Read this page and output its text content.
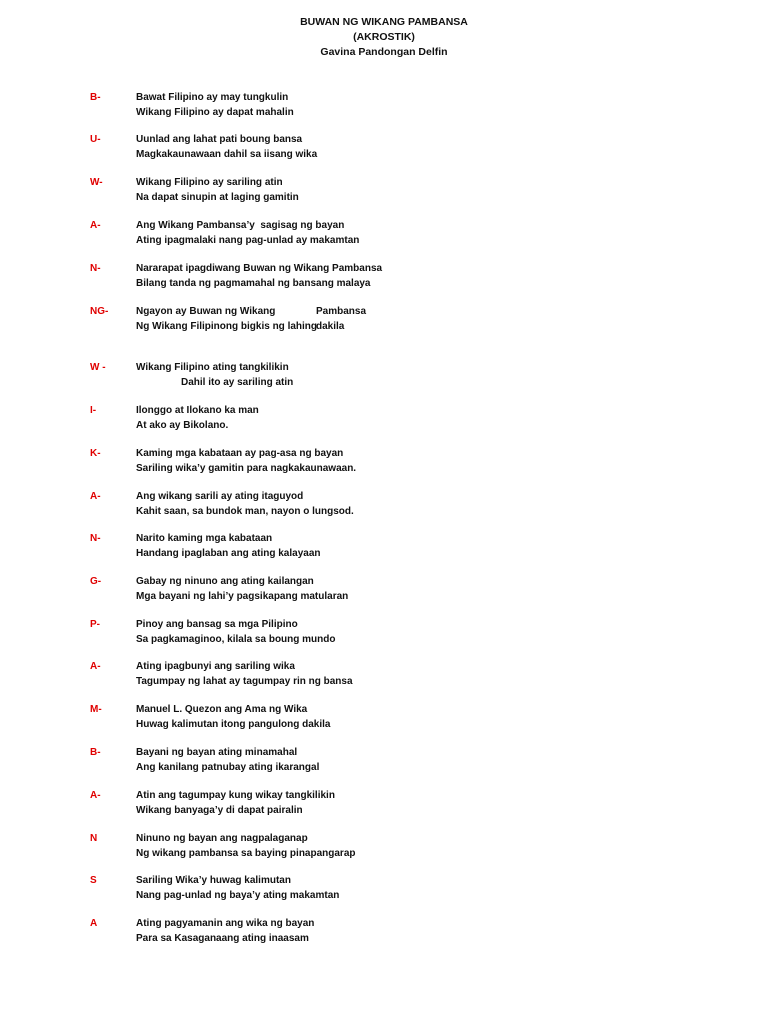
BUWAN NG WIKANG PAMBANSA
(AKROSTIK)
Gavina Pandongan Delfin
B-	Bawat Filipino ay may tungkulin
Wikang Filipino ay dapat mahalin
U-	Uunlad ang lahat pati boung bansa
Magkakaunawaan dahil sa iisang wika
W-	Wikang Filipino ay sariling atin
Na dapat sinupin at laging gamitin
A-	Ang Wikang Pambansa’y  sagisag ng bayan
Ating ipagmalaki nang pag-unlad ay makamtan
N-	Nararapat ipagdiwang Buwan ng Wikang Pambansa
Bilang tanda ng pagmamahal ng bansang malaya
NG-	Ngayon ay Buwan ng Wikang
Ng Wikang Filipinong bigkis ng lahing
Pambansa
dakila
W -	Wikang Filipino ating tangkilikin
Dahil ito ay sariling atin
I-	Ilonggo at Ilokano ka man
At ako ay Bikolano.
K-	Kaming mga kabataan ay pag-asa ng bayan
Sariling wika’y gamitin para nagkakaunawaan.
A-	Ang wikang sarili ay ating itaguyod
Kahit saan, sa bundok man, nayon o lungsod.
N-	Narito kaming mga kabataan
Handang ipaglaban ang ating kalayaan
G-	Gabay ng ninuno ang ating kailangan
Mga bayani ng lahi’y pagsikapang matularan
P-	Pinoy ang bansag sa mga Pilipino
Sa pagkamaginoo, kilala sa boung mundo
A-	Ating ipagbunyi ang sariling wika
Tagumpay ng lahat ay tagumpay rin ng bansa
M-	Manuel L. Quezon ang Ama ng Wika
Huwag kalimutan itong pangulong dakila
B-	Bayani ng bayan ating minamahal
Ang kanilang patnubay ating ikarangal
A-	Atin ang tagumpay kung wikay tangkilikin
Wikang banyaga’y di dapat pairalin
N	Ninuno ng bayan ang nagpalaganap
Ng wikang pambansa sa baying pinapangarap
S	Sariling Wika’y huwag kalimutan
Nang pag-unlad ng baya’y ating makamtan
A	Ating pagyamanin ang wika ng bayan
Para sa Kasaganaang ating inaasam
